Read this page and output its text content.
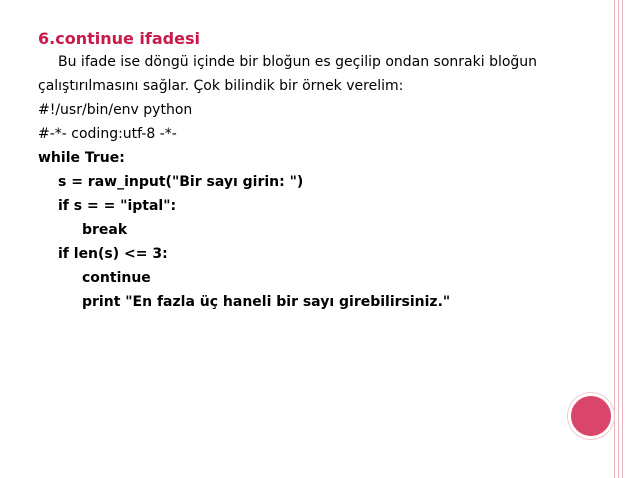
6.continue ifadesi
Bu ifade ise döngü içinde bir bloğun es geçilip ondan sonraki bloğun
çalıştırılmasını sağlar. Çok bilindik bir örnek verelim:
#!/usr/bin/env python
#-*- coding:utf-8 -*-
while True:
s = raw_input("Bir sayı girin: ")
if s = = "iptal":
break
if len(s) <= 3:
continue
print "En fazla üç haneli bir sayı girebilirsiniz."
